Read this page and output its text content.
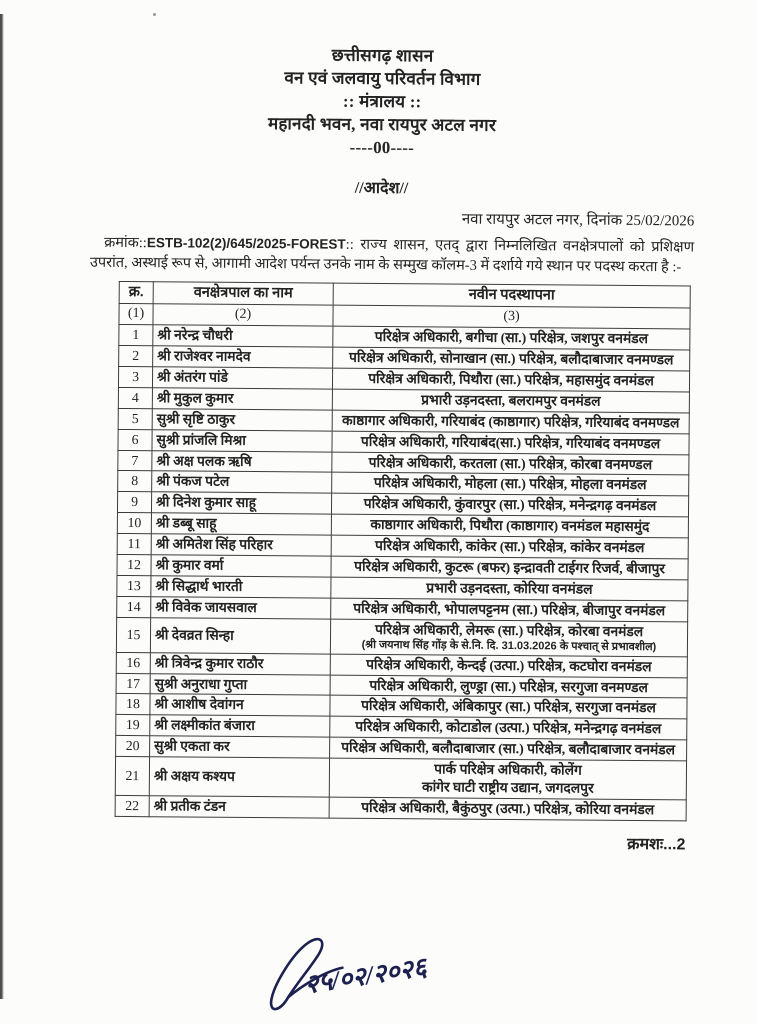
छत्तीसगढ़ शासन
वन एवं जलवायु परिवर्तन विभाग
:: मंत्रालय ::
महानदी भवन, नवा रायपुर अटल नगर
----00----
//आदेश//
नवा रायपुर अटल नगर, दिनांक 25/02/2026

क्रमांक::ESTB-102(2)/645/2025-FOREST:: राज्य शासन, एतद् द्वारा निम्नलिखित वनक्षेत्रपालों को प्रशिक्षण उपरांत, अस्थाई रूप से, आगामी आदेश पर्यन्त उनके नाम के सम्मुख कॉलम-3 में दर्शाये गये स्थान पर पदस्थ करता है :-

क्र.	वनक्षेत्रपाल का नाम	नवीन पदस्थापना
(1)	(2)	(3)
1	श्री नरेन्द्र चौधरी	परिक्षेत्र अधिकारी, बगीचा (सा.) परिक्षेत्र, जशपुर वनमंडल
2	श्री राजेश्वर नामदेव	परिक्षेत्र अधिकारी, सोनाखान (सा.) परिक्षेत्र, बलौदाबाजार वनमण्डल
3	श्री अंतरंग पांडे	परिक्षेत्र अधिकारी, पिथौरा (सा.) परिक्षेत्र, महासमुंद वनमंडल
4	श्री मुकुल कुमार	प्रभारी उड़नदस्ता, बलरामपुर वनमंडल
5	सुश्री सृष्टि ठाकुर	काष्ठागार अधिकारी, गरियाबंद (काष्ठागार) परिक्षेत्र, गरियाबंद वनमण्डल
6	सुश्री प्रांजलि मिश्रा	परिक्षेत्र अधिकारी, गरियाबंद(सा.) परिक्षेत्र, गरियाबंद वनमण्डल
7	श्री अक्ष पलक ऋषि	परिक्षेत्र अधिकारी, करतला (सा.) परिक्षेत्र, कोरबा वनमण्डल
8	श्री पंकज पटेल	परिक्षेत्र अधिकारी, मोहला (सा.) परिक्षेत्र, मोहला वनमंडल
9	श्री दिनेश कुमार साहू	परिक्षेत्र अधिकारी, कुंवारपुर (सा.) परिक्षेत्र, मनेन्द्रगढ़ वनमंडल
10	श्री डब्बू साहू	काष्ठागार अधिकारी, पिथौरा (काष्ठागार) वनमंडल महासमुंद
11	श्री अमितेश सिंह परिहार	परिक्षेत्र अधिकारी, कांकेर (सा.) परिक्षेत्र, कांकेर वनमंडल
12	श्री कुमार वर्मा	परिक्षेत्र अधिकारी, कुटरू (बफर) इन्द्रावती टाईगर रिजर्व, बीजापुर
13	श्री सिद्धार्थ भारती	प्रभारी उड़नदस्ता, कोरिया वनमंडल
14	श्री विवेक जायसवाल	परिक्षेत्र अधिकारी, भोपालपट्टनम (सा.) परिक्षेत्र, बीजापुर वनमंडल
15	श्री देवव्रत सिन्हा	परिक्षेत्र अधिकारी, लेमरू (सा.) परिक्षेत्र, कोरबा वनमंडल
(श्री जयनाथ सिंह गोंड़ के से.नि. दि. 31.03.2026 के पश्चात् से प्रभावशील)

16	श्री त्रिवेन्द्र कुमार राठौर	परिक्षेत्र अधिकारी, केन्दई (उत्पा.) परिक्षेत्र, कटघोरा वनमंडल
17	सुश्री अनुराधा गुप्ता	परिक्षेत्र अधिकारी, लुण्ड्रा (सा.) परिक्षेत्र, सरगुजा वनमण्डल
18	श्री आशीष देवांगन	परिक्षेत्र अधिकारी, अंबिकापुर (सा.) परिक्षेत्र, सरगुजा वनमंडल
19	श्री लक्ष्मीकांत बंजारा	परिक्षेत्र अधिकारी, कोटाडोल (उत्पा.) परिक्षेत्र, मनेन्द्रगढ़ वनमंडल
20	सुश्री एकता कर	परिक्षेत्र अधिकारी, बलौदाबाजार (सा.) परिक्षेत्र, बलौदाबाजार वनमंडल
21	श्री अक्षय कश्यप	पार्क परिक्षेत्र अधिकारी, कोलेंग
कांगेर घाटी राष्ट्रीय उद्यान, जगदलपुर

22	श्री प्रतीक टंडन	परिक्षेत्र अधिकारी, बैकुंठपुर (उत्पा.) परिक्षेत्र, कोरिया वनमंडल
क्रमशः...2
२५/०२/२०२६
